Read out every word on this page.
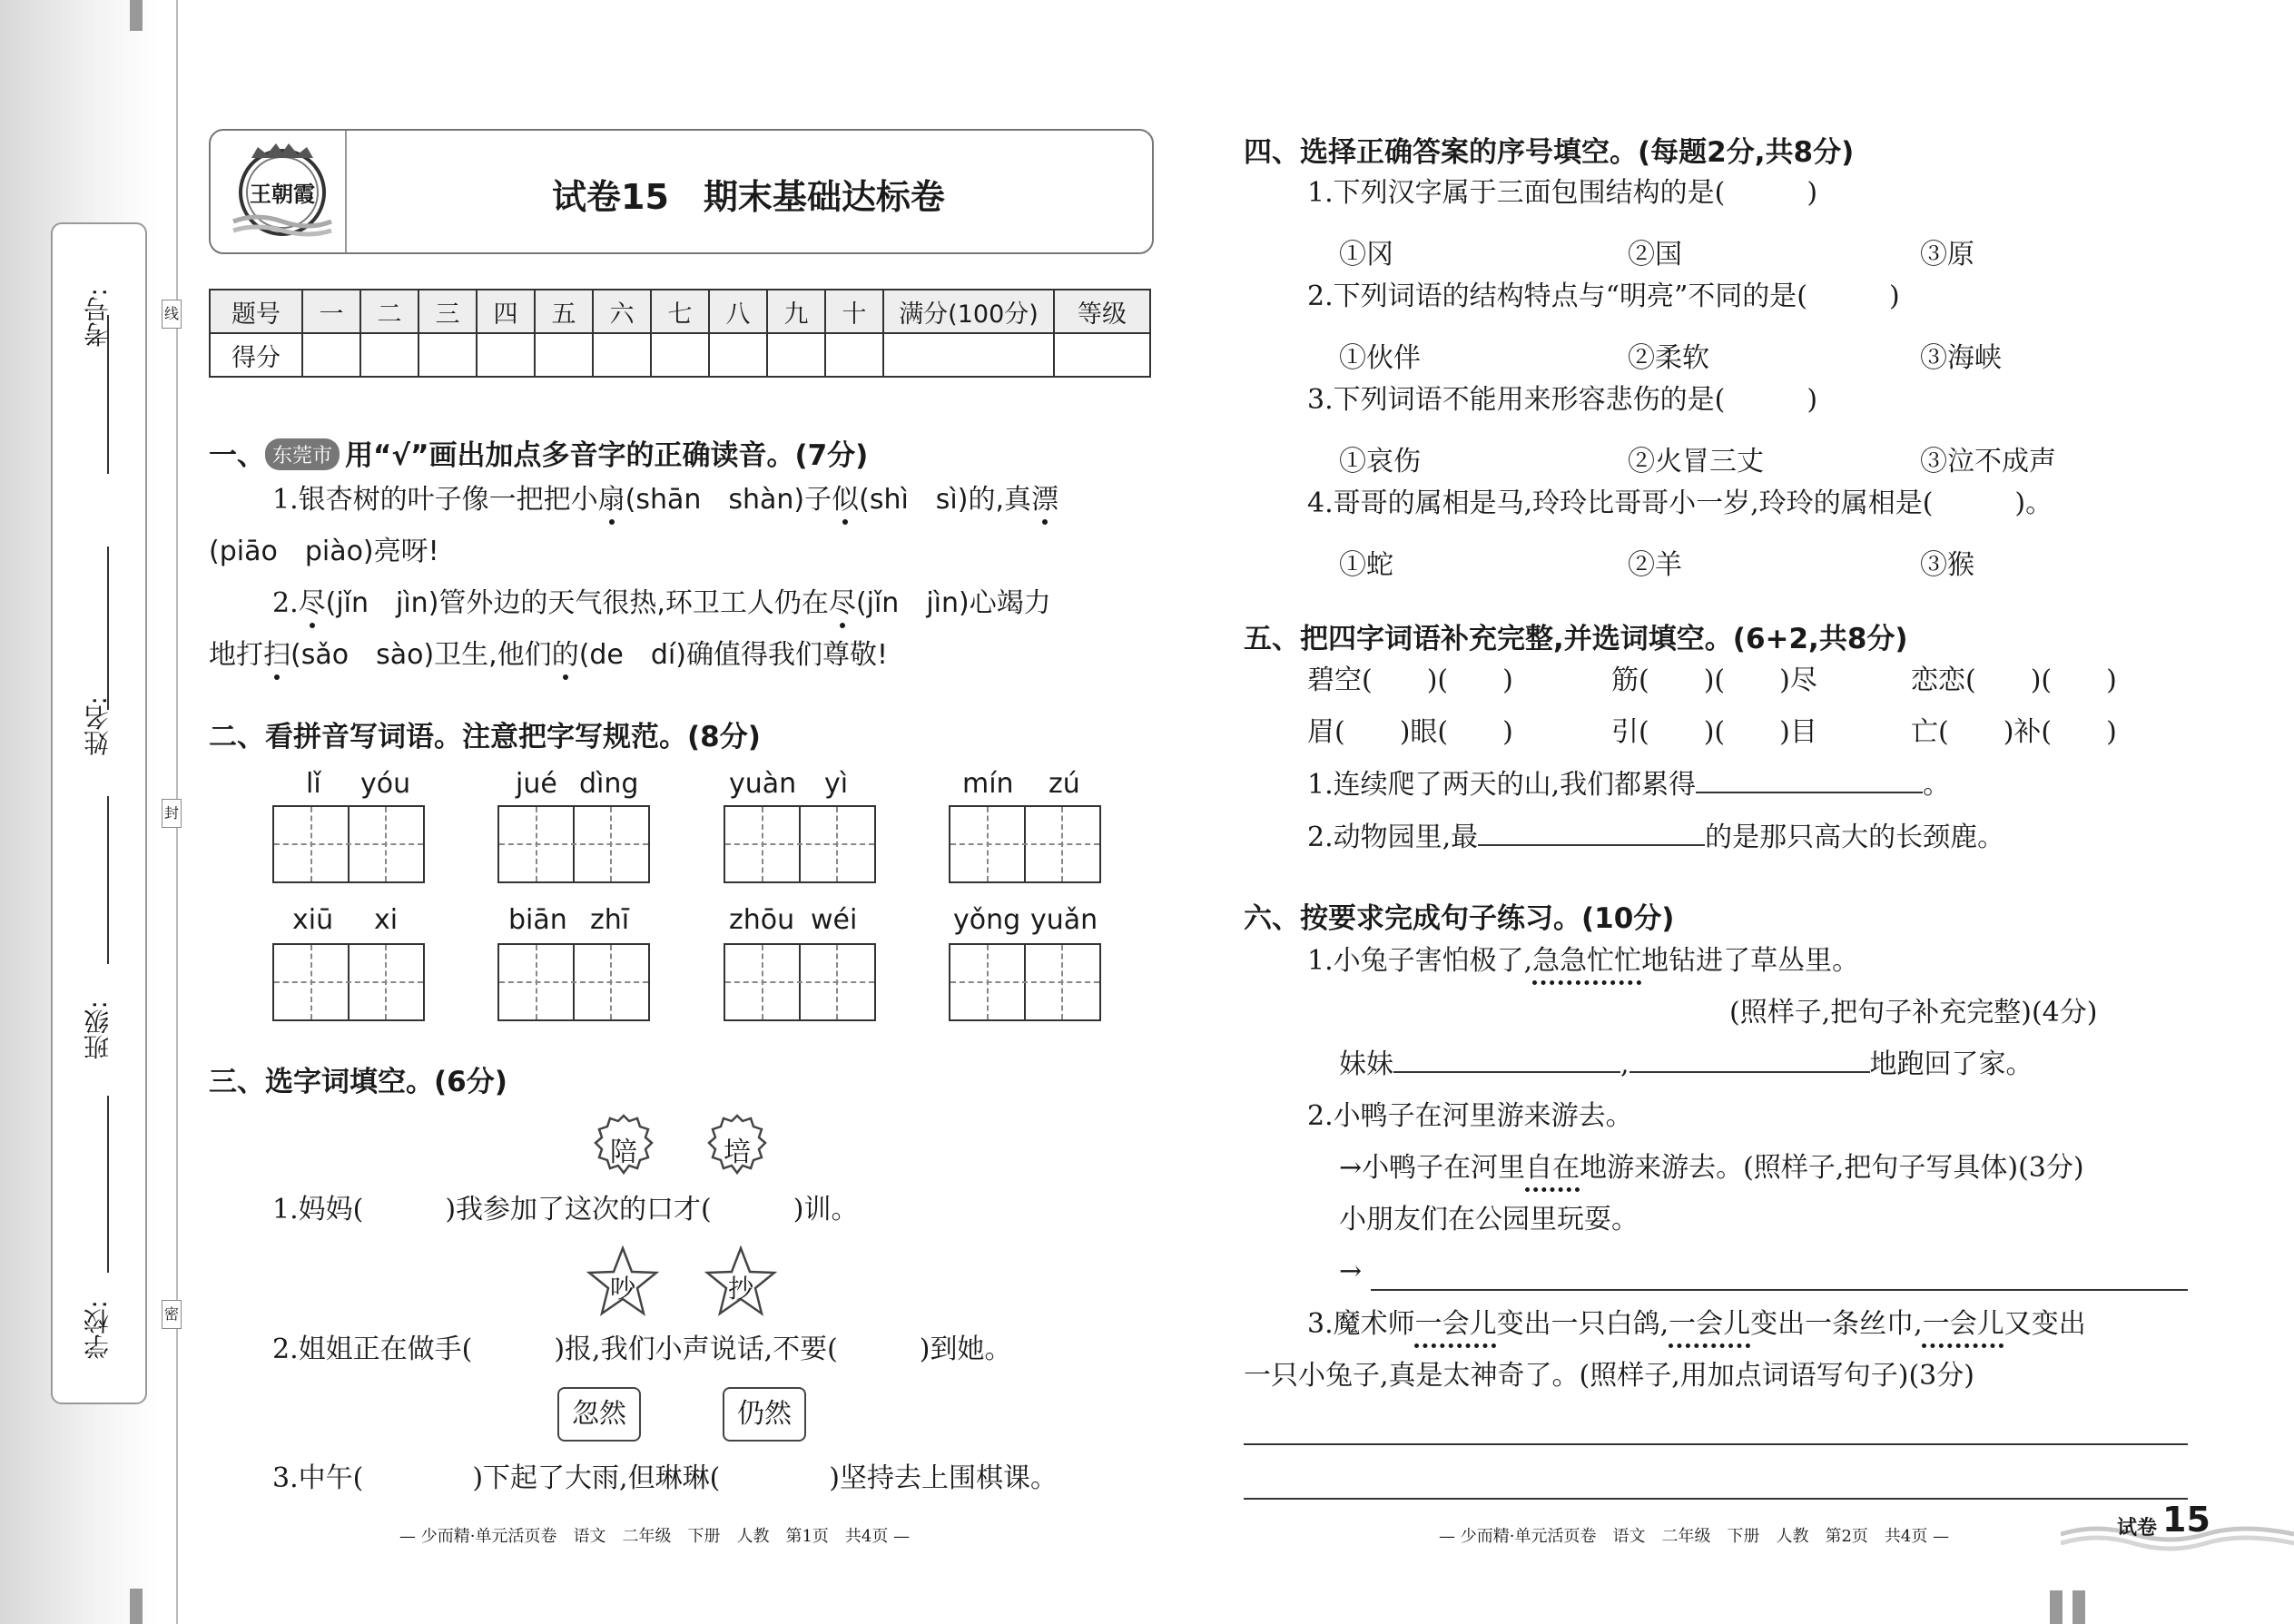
考号:
姓名:
班级:
学校:
线
封
密
王朝霞	试卷15　期末基础达标卷
题号	一	二	三	四	五	六	七	八	九	十	满分(100分)	等级
得分												
一、 东莞市 用“√”画出加点多音字的正确读音。(7分)
1.银杏树的叶子像一把把小扇(shān　shàn)子似(shì　sì)的,真漂
(piāo　piào)亮呀!
2.尽(jǐn　jìn)管外边的天气很热,环卫工人仍在尽(jǐn　jìn)心竭力
地打扫(sǎo　sào)卫生,他们的(de　dí)确值得我们尊敬!
二、看拼音写词语。注意把字写规范。(8分)
lǐ yóu	jué dìng	yuàn yì	mín zú
xiū xi	biān zhī	zhōu wéi	yǒng yuǎn
三、选字词填空。(6分)
陪	培
1.妈妈(　　　)我参加了这次的口才(　　　)训。
吵	抄
2.姐姐正在做手(　　　)报,我们小声说话,不要(　　　)到她。
忽然	仍然
3.中午(　　　　)下起了大雨,但琳琳(　　　　)坚持去上围棋课。
— 少而精·单元活页卷　语文　二年级　下册　人教　第1页　共4页 —
四、选择正确答案的序号填空。(每题2分,共8分)
1.下列汉字属于三面包围结构的是(　　　)
①冈	②国	③原
2.下列词语的结构特点与“明亮”不同的是(　　　)
①伙伴	②柔软	③海峡
3.下列词语不能用来形容悲伤的是(　　　)
①哀伤	②火冒三丈	③泣不成声
4.哥哥的属相是马,玲玲比哥哥小一岁,玲玲的属相是(　　　)。
①蛇	②羊	③猴
五、把四字词语补充完整,并选词填空。(6+2,共8分)
碧空(　　)(　　)	筋(　　)(　　)尽	恋恋(　　)(　　)
眉(　　)眼(　　)	引(　　)(　　)目	亡(　　)补(　　)
1.连续爬了两天的山,我们都累得	。
2.动物园里,最	的是那只高大的长颈鹿。
六、按要求完成句子练习。(10分)
1.小兔子害怕极了,急急忙忙地钻进了草丛里。
(照样子,把句子补充完整)(4分)
妹妹	,	地跑回了家。
2.小鸭子在河里游来游去。
→小鸭子在河里自在地游来游去。(照样子,把句子写具体)(3分)
小朋友们在公园里玩耍。
→
3.魔术师一会儿变出一只白鸽,一会儿变出一条丝巾,一会儿又变出
一只小兔子,真是太神奇了。(照样子,用加点词语写句子)(3分)
— 少而精·单元活页卷　语文　二年级　下册　人教　第2页　共4页 —	试卷 15
